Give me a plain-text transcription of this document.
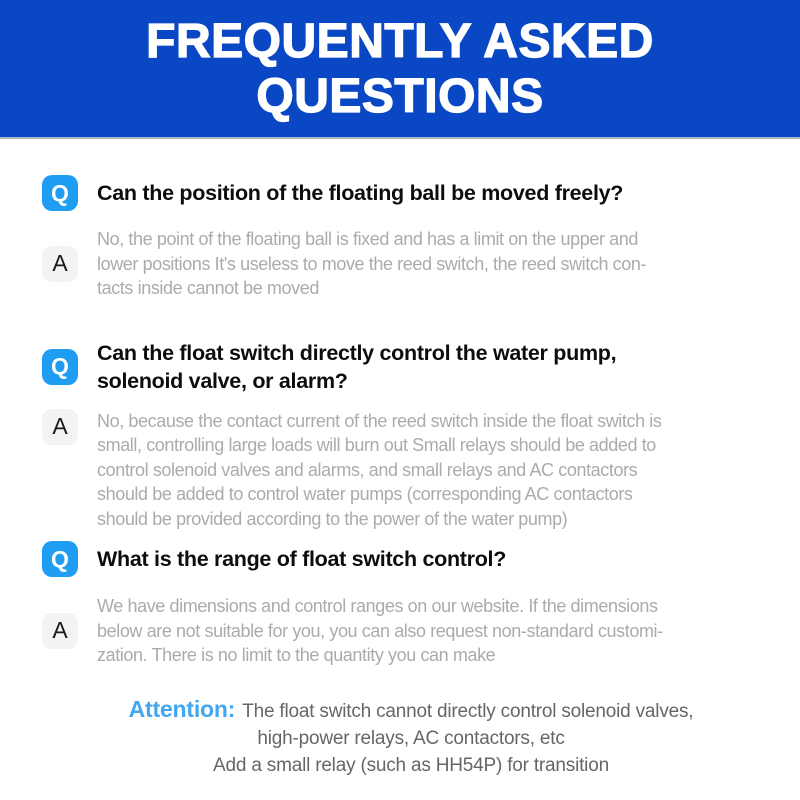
FREQUENTLY ASKED
QUESTIONS
Q	Can the position of the floating ball be moved freely?
A
No, the point of the floating ball is fixed and has a limit on the upper and
lower positions It's useless to move the reed switch, the reed switch con-
tacts inside cannot be moved
Q
Can the float switch directly control the water pump,
solenoid valve, or alarm?
A	No, because the contact current of the reed switch inside the float switch is
small, controlling large loads will burn out Small relays should be added to
control solenoid valves and alarms, and small relays and AC contactors
should be added to control water pumps (corresponding AC contactors
should be provided according to the power of the water pump)
Q	What is the range of float switch control?
A
We have dimensions and control ranges on our website. If the dimensions
below are not suitable for you, you can also request non-standard customi-
zation. There is no limit to the quantity you can make
Attention: The float switch cannot directly control solenoid valves,
high-power relays, AC contactors, etc
Add a small relay (such as HH54P) for transition
